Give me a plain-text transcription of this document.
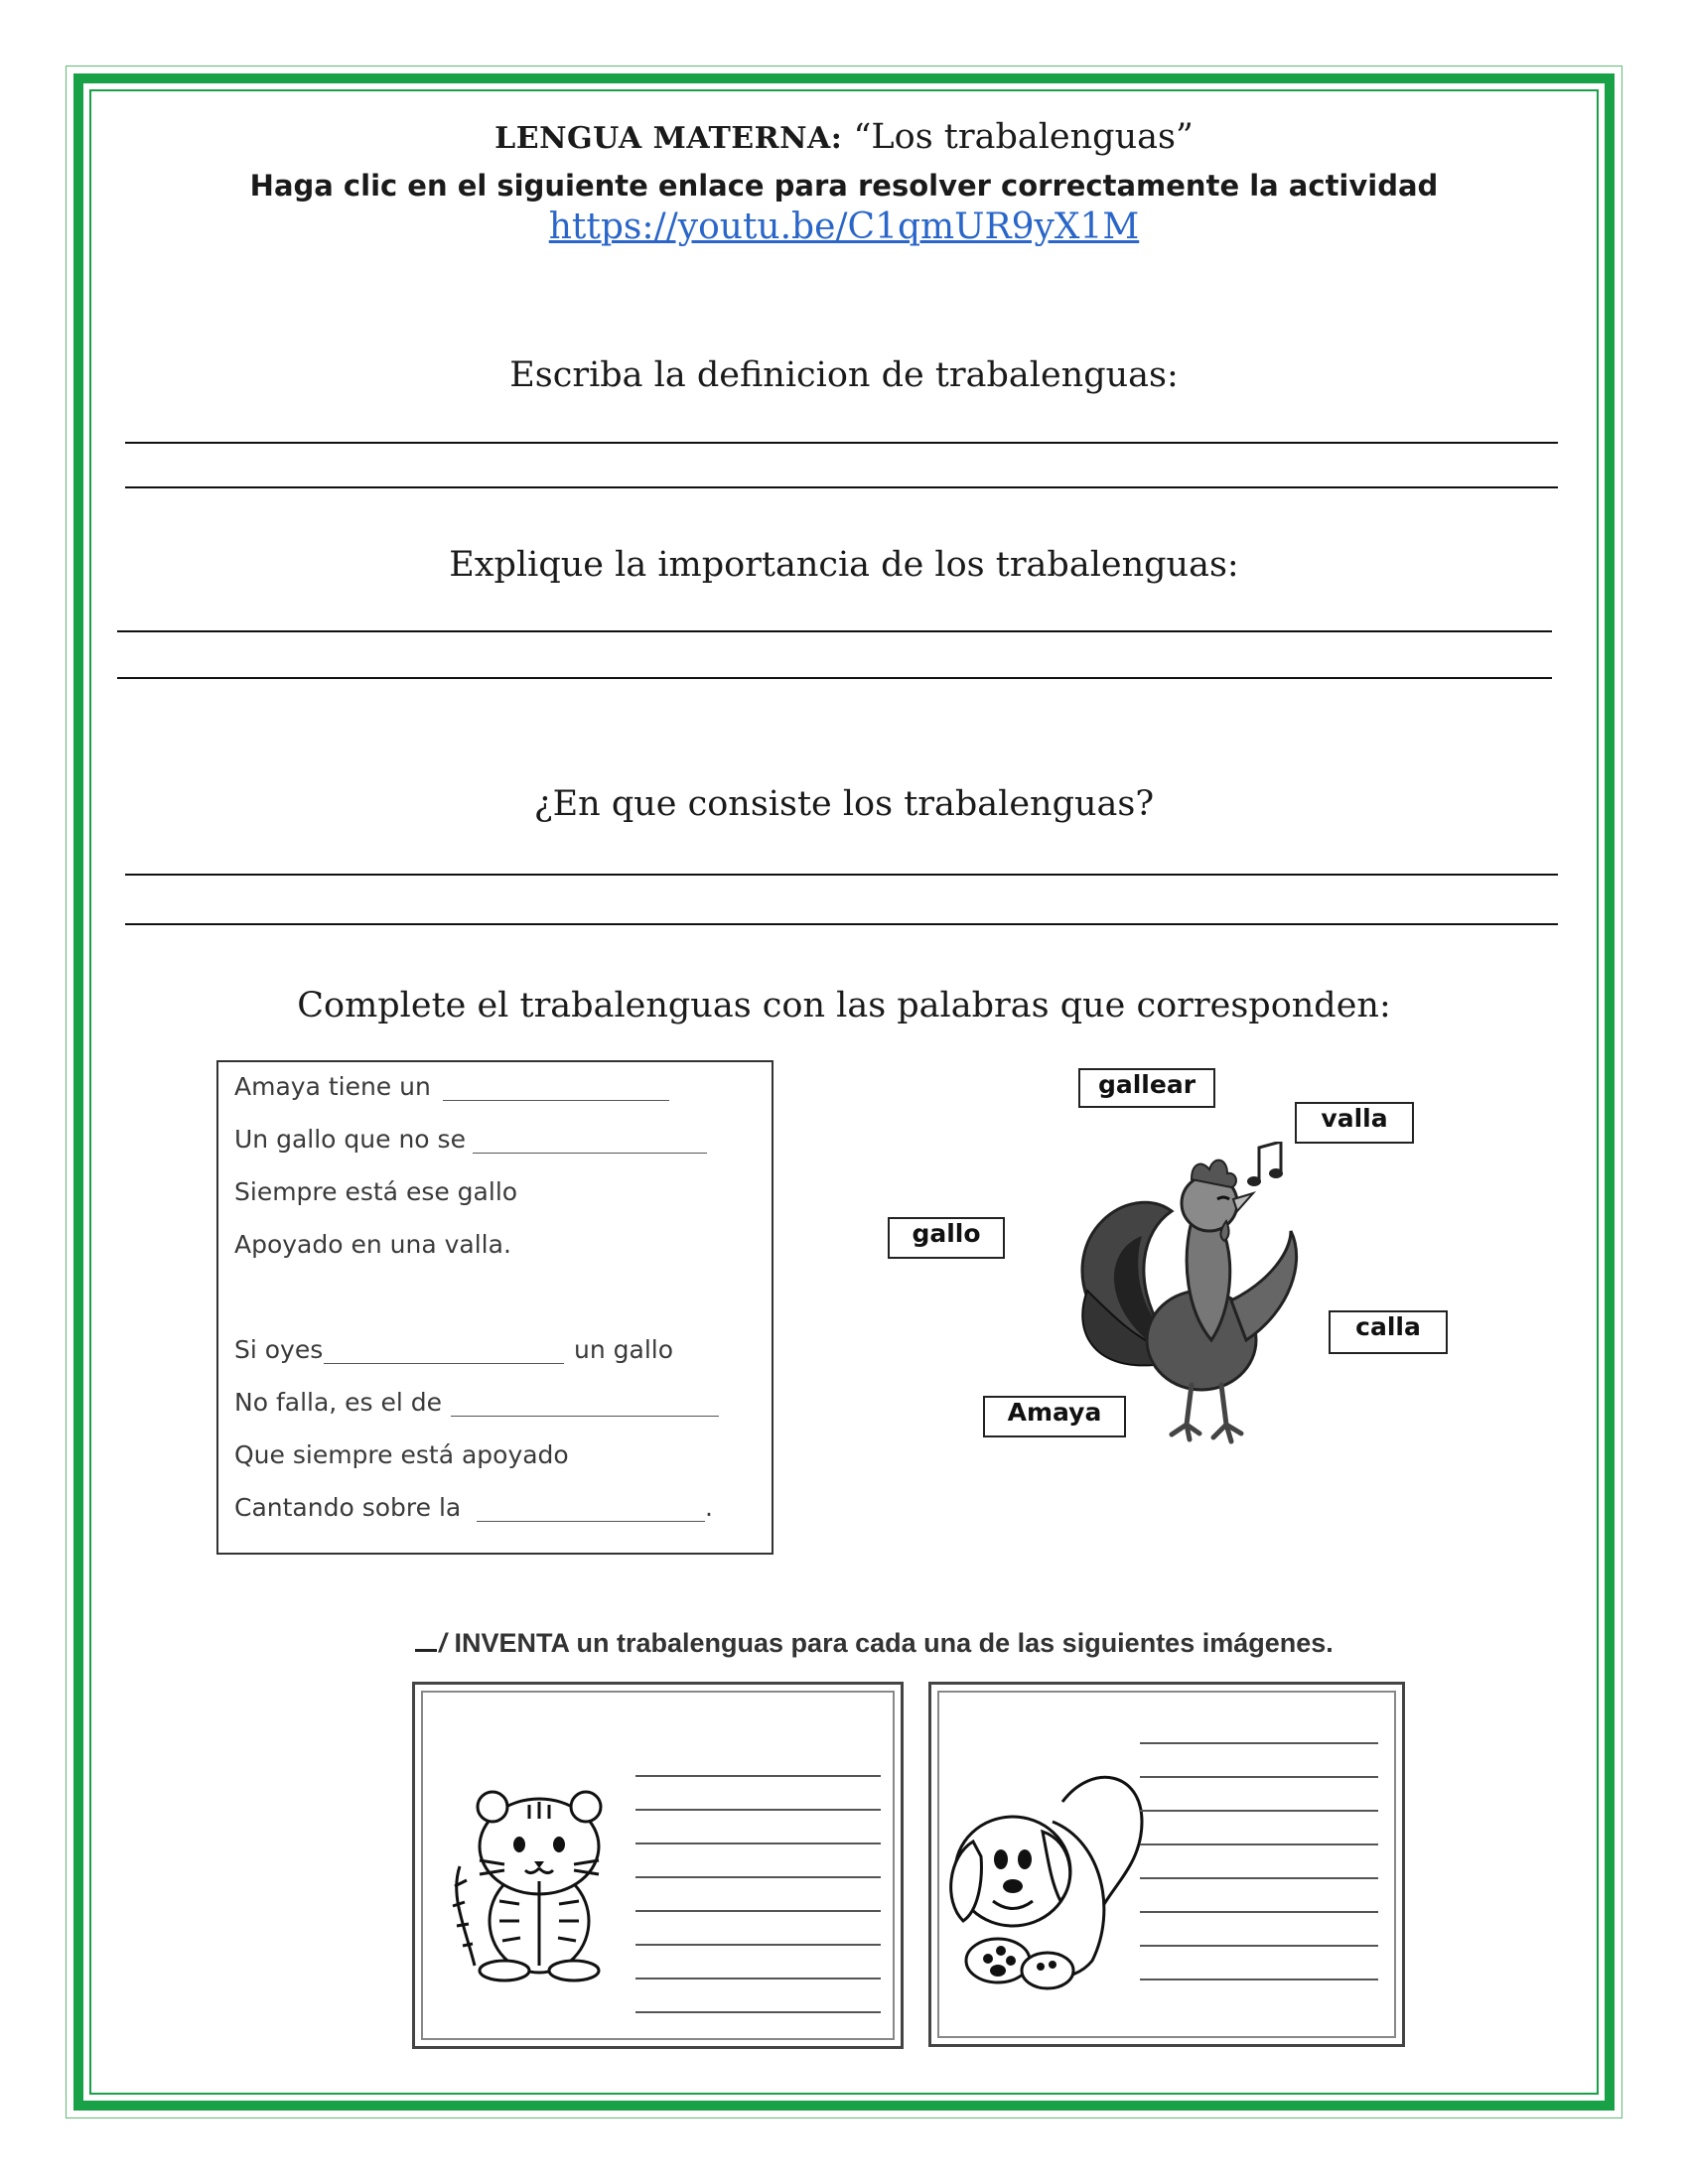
LENGUA MATERNA: “Los trabalenguas”
Haga clic en el siguiente enlace para resolver correctamente la actividad
https://youtu.be/C1qmUR9yX1M
Escriba la definicion de trabalenguas:
Explique la importancia de los trabalenguas:
¿En que consiste los trabalenguas?
Complete el trabalenguas con las palabras que corresponden:
Amaya tiene un
Un gallo que no se
Siempre está ese gallo
Apoyado en una valla.
Si oyes	un gallo
No falla, es el de
Que siempre está apoyado
Cantando sobre la	.
gallear
valla
gallo
calla
Amaya
/ INVENTA un trabalenguas para cada una de las siguientes imágenes.
